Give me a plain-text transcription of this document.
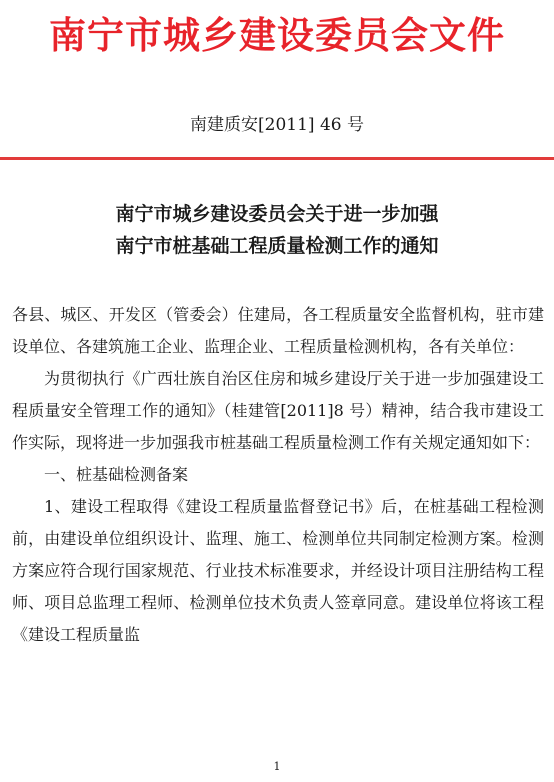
南宁市城乡建设委员会文件
南建质安[2011] 46 号
南宁市城乡建设委员会关于进一步加强
南宁市桩基础工程质量检测工作的通知

各县、城区、开发区（管委会）住建局，各工程质量安全监督机构，驻市建设单位、各建筑施工企业、监理企业、工程质量检测机构，各有关单位：

为贯彻执行《广西壮族自治区住房和城乡建设厅关于进一步加强建设工程质量安全管理工作的通知》（桂建管[2011]8 号）精神，结合我市建设工作实际，现将进一步加强我市桩基础工程质量检测工作有关规定通知如下：

一、桩基础检测备案

1、建设工程取得《建设工程质量监督登记书》后，在桩基础工程检测前，由建设单位组织设计、监理、施工、检测单位共同制定检测方案。检测方案应符合现行国家规范、行业技术标准要求，并经设计项目注册结构工程师、项目总监理工程师、检测单位技术负责人签章同意。建设单位将该工程《建设工程质量监

1
